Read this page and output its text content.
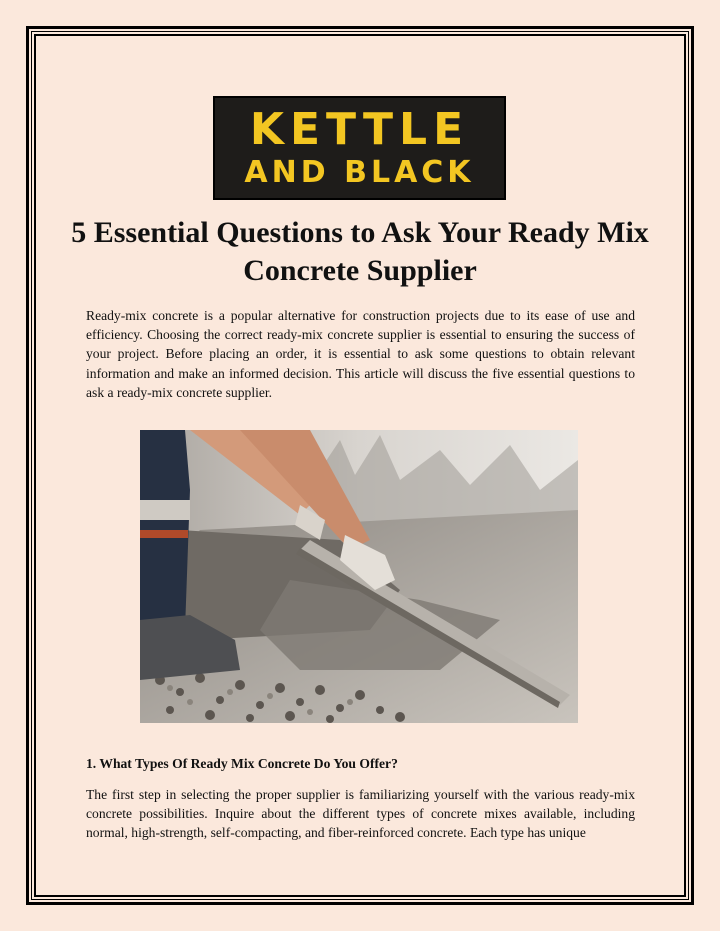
KETTLE
AND BLACK
5 Essential Questions to Ask Your Ready Mix Concrete Supplier

Ready-mix concrete is a popular alternative for construction projects due to its ease of use and efficiency. Choosing the correct ready-mix concrete supplier is essential to ensuring the success of your project. Before placing an order, it is essential to ask some questions to obtain relevant information and make an informed decision. This article will discuss the five essential questions to ask a ready-mix concrete supplier.

1. What Types Of Ready Mix Concrete Do You Offer?

The first step in selecting the proper supplier is familiarizing yourself with the various ready-mix concrete possibilities. Inquire about the different types of concrete mixes available, including normal, high-strength, self-compacting, and fiber-reinforced concrete. Each type has unique
